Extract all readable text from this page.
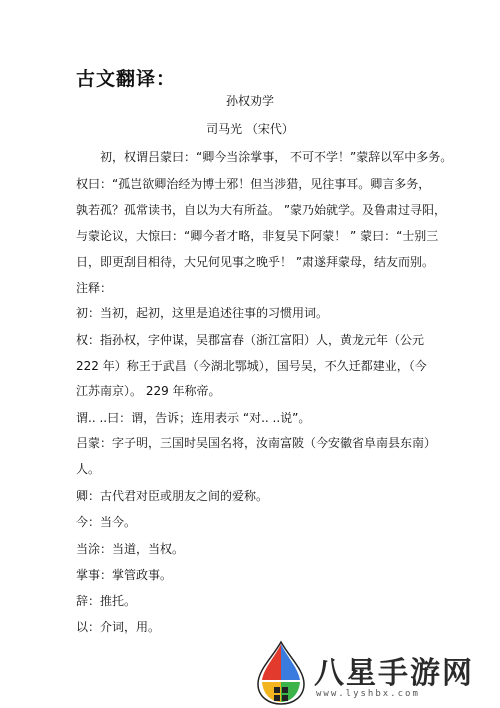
古文翻译：
孙权劝学
司马光 （宋代）
初，权谓吕蒙曰：“卿今当涂掌事， 不可不学！”蒙辞以军中多务。
权曰：“孤岂欲卿治经为博士邪！但当涉猎，见往事耳。卿言多务，
孰若孤？孤常读书，自以为大有所益。 ”蒙乃始就学。及鲁肃过寻阳，
与蒙论议，大惊曰：“卿今者才略，非复吴下阿蒙！ ” 蒙曰：“士别三
日，即更刮目相待，大兄何见事之晚乎！ ”肃遂拜蒙母，结友而别。
注释：
初：当初，起初，这里是追述往事的习惯用词。
权：指孙权，字仲谋，吴郡富春（浙江富阳）人，黄龙元年（公元
222 年）称王于武昌（今湖北鄂城），国号吴，不久迁都建业，（今
江苏南京）。 229 年称帝。
谓.. ..曰：谓，告诉；连用表示 “对.. ..说”。
吕蒙：字子明，三国时吴国名将，汝南富陂（今安徽省阜南县东南）
人。
卿：古代君对臣或朋友之间的爱称。
今：当今。
当涂：当道，当权。
掌事：掌管政事。
辞：推托。
以：介词，用。
八星手游网
www.lyshbx.com
